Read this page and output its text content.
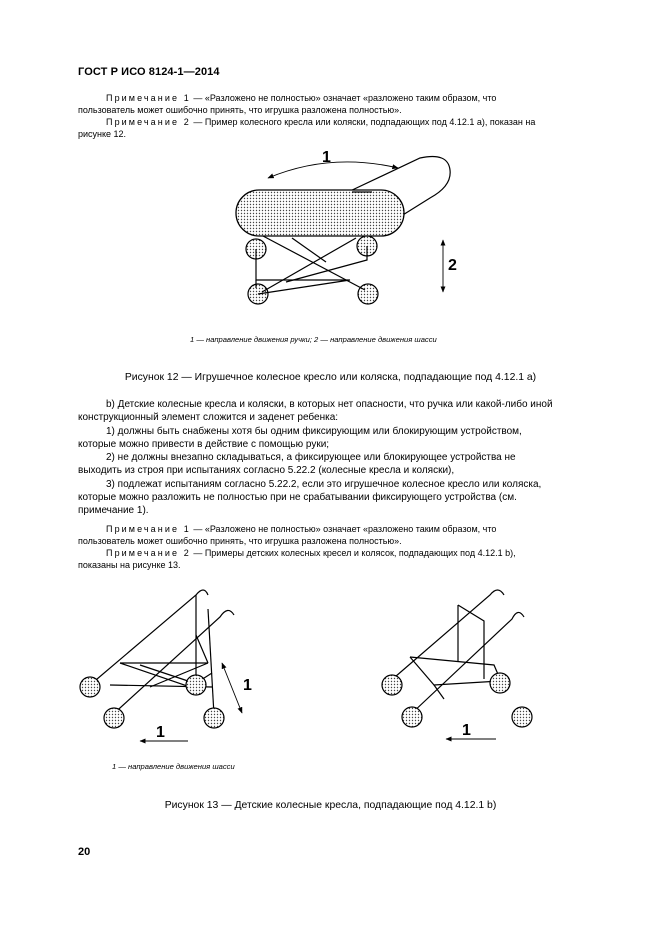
ГОСТ Р ИСО 8124-1—2014
Примечание 1 — «Разложено не полностью» означает «разложено таким образом, что
пользователь может ошибочно принять, что игрушка разложена полностью».
Примечание 2 — Пример колесного кресла или коляски, подпадающих под 4.12.1 а), показан на
рисунке 12.
1
2
1 — направление движения ручки; 2 — направление движения шасси
Рисунок 12 — Игрушечное колесное кресло или коляска, подпадающие под 4.12.1 а)
b) Детские колесные кресла и коляски, в которых нет опасности, что ручка или какой-либо иной
конструкционный элемент сложится и заденет ребенка:
1) должны быть снабжены хотя бы одним фиксирующим или блокирующим устройством,
которые можно привести в действие с помощью руки;
2) не должны внезапно складываться, а фиксирующее или блокирующее устройства не
выходить из строя при испытаниях согласно 5.22.2 (колесные кресла и коляски),
3) подлежат испытаниям согласно 5.22.2, если это игрушечное колесное кресло или коляска,
которые можно разложить не полностью при не срабатывании фиксирующего устройства (см.
примечание 1).
Примечание 1 — «Разложено не полностью» означает «разложено таким образом, что
пользователь может ошибочно принять, что игрушка разложена полностью».
Примечание 2 — Примеры детских колесных кресел и колясок, подпадающих под 4.12.1 b),
показаны на рисунке 13.
1
1	1
1 — направление движения шасси
Рисунок 13 — Детские колесные кресла, подпадающие под 4.12.1 b)
20
